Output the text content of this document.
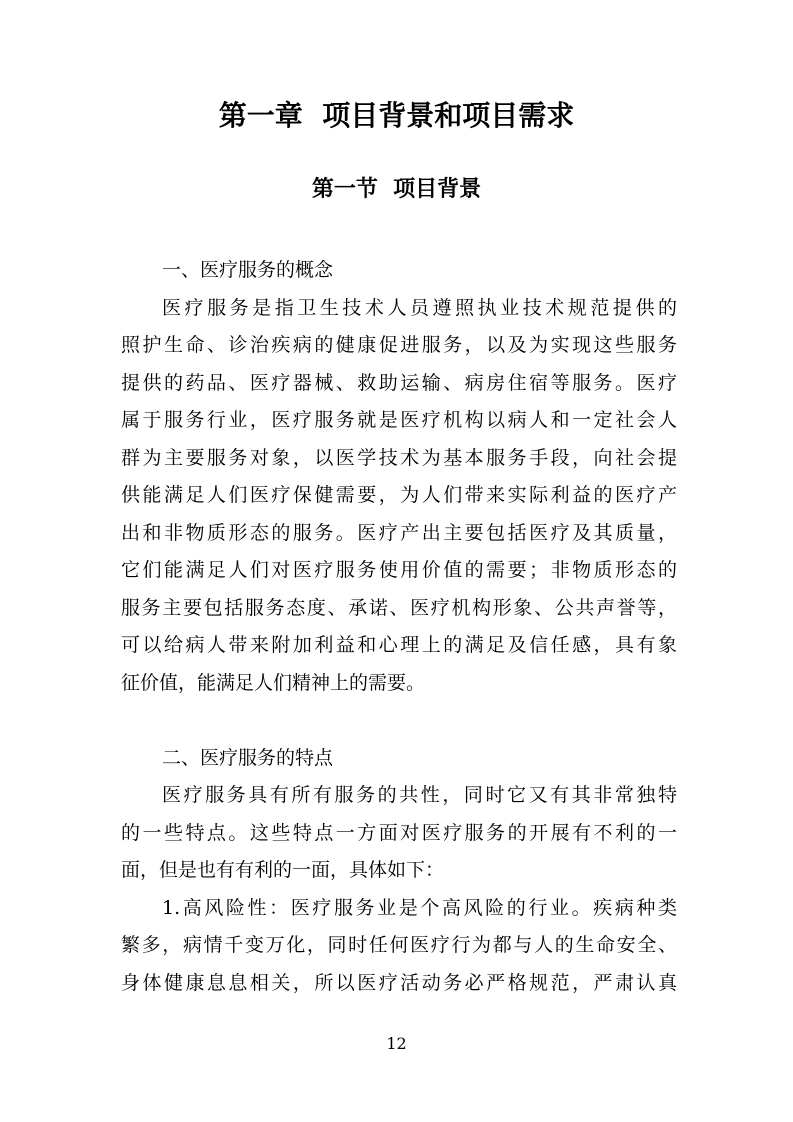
第一章  项目背景和项目需求
第一节  项目背景
一、医疗服务的概念
医疗服务是指卫生技术人员遵照执业技术规范提供的
照护生命、诊治疾病的健康促进服务，以及为实现这些服务
提供的药品、医疗器械、救助运输、病房住宿等服务。医疗
属于服务行业，医疗服务就是医疗机构以病人和一定社会人
群为主要服务对象，以医学技术为基本服务手段，向社会提
供能满足人们医疗保健需要，为人们带来实际利益的医疗产
出和非物质形态的服务。医疗产出主要包括医疗及其质量，
它们能满足人们对医疗服务使用价值的需要；非物质形态的
服务主要包括服务态度、承诺、医疗机构形象、公共声誉等，
可以给病人带来附加利益和心理上的满足及信任感，具有象
征价值，能满足人们精神上的需要。
二、医疗服务的特点
医疗服务具有所有服务的共性，同时它又有其非常独特
的一些特点。这些特点一方面对医疗服务的开展有不利的一
面，但是也有有利的一面，具体如下：
1.高风险性：医疗服务业是个高风险的行业。疾病种类
繁多，病情千变万化，同时任何医疗行为都与人的生命安全、
身体健康息息相关，所以医疗活动务必严格规范，严肃认真
12
